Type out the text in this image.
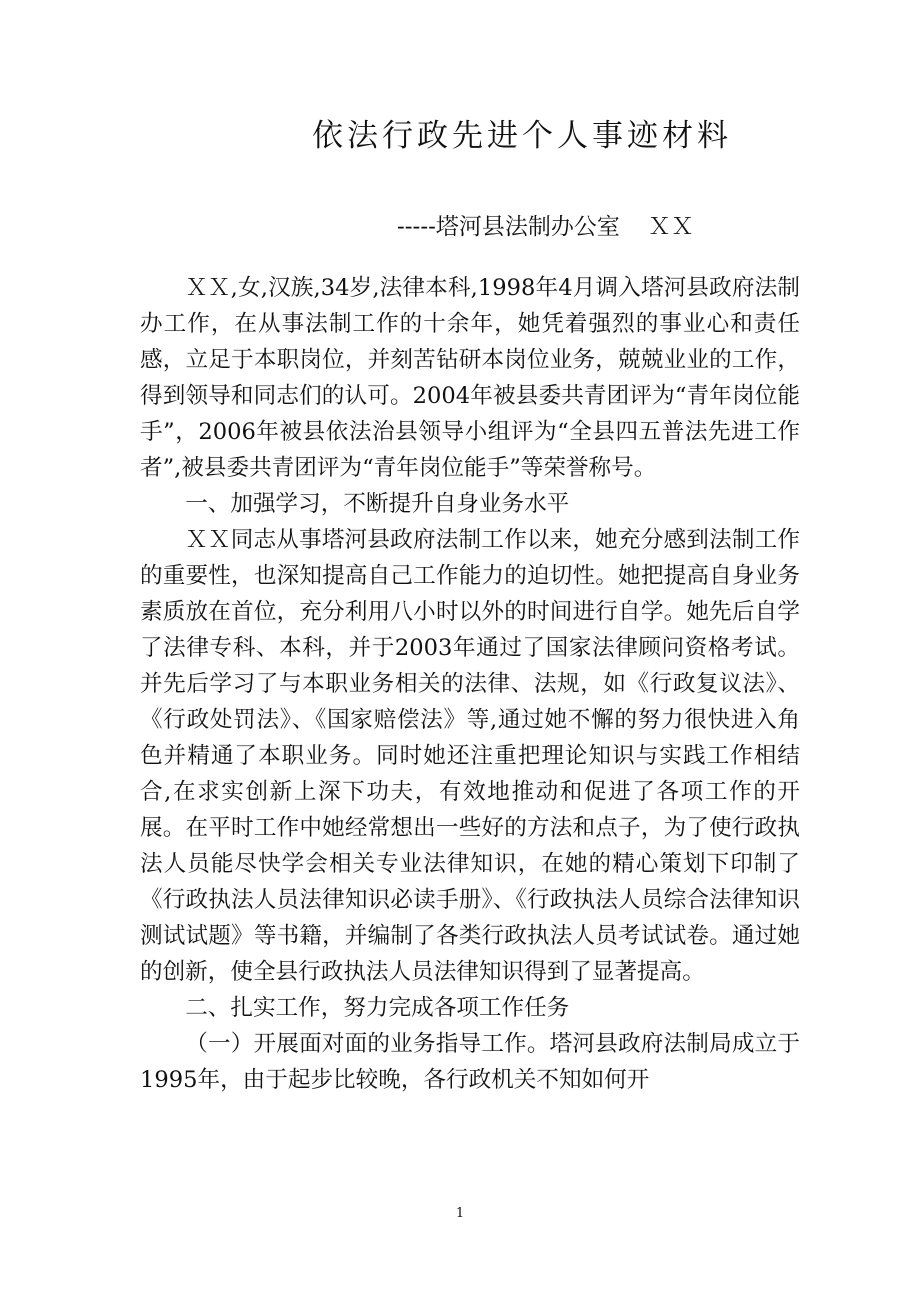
依法行政先进个人事迹材料
-----塔河县法制办公室 ＸＸ

ＸＸ,女,汉族,34岁,法律本科,1998年4月调入塔河县政府法制办工作，在从事法制工作的十余年，她凭着强烈的事业心和责任感，立足于本职岗位，并刻苦钻研本岗位业务，兢兢业业的工作，得到领导和同志们的认可。2004年被县委共青团评为“青年岗位能手”，2006年被县依法治县领导小组评为“全县四五普法先进工作者”,被县委共青团评为“青年岗位能手”等荣誉称号。

一、加强学习，不断提升自身业务水平

ＸＸ同志从事塔河县政府法制工作以来，她充分感到法制工作的重要性，也深知提高自己工作能力的迫切性。她把提高自身业务素质放在首位，充分利用八小时以外的时间进行自学。她先后自学了法律专科、本科，并于2003年通过了国家法律顾问资格考试。并先后学习了与本职业务相关的法律、法规，如《行政复议法》、《行政处罚法》、《国家赔偿法》等,通过她不懈的努力很快进入角色并精通了本职业务。同时她还注重把理论知识与实践工作相结合,在求实创新上深下功夫，有效地推动和促进了各项工作的开展。在平时工作中她经常想出一些好的方法和点子，为了使行政执法人员能尽快学会相关专业法律知识，在她的精心策划下印制了《行政执法人员法律知识必读手册》、《行政执法人员综合法律知识测试试题》等书籍，并编制了各类行政执法人员考试试卷。通过她的创新，使全县行政执法人员法律知识得到了显著提高。

二、扎实工作，努力完成各项工作任务

（一）开展面对面的业务指导工作。塔河县政府法制局成立于1995年，由于起步比较晚，各行政机关不知如何开

1
